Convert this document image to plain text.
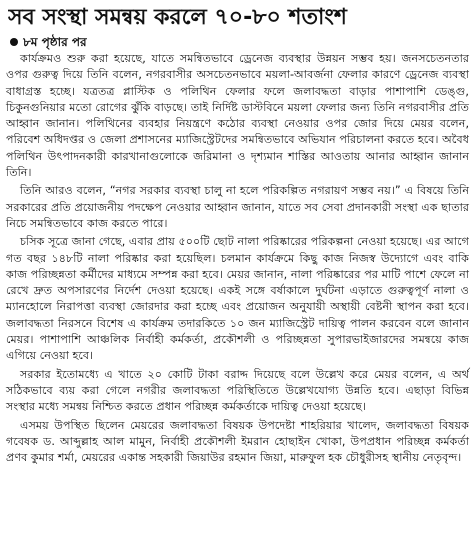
সব সংস্থা সমন্বয় করলে ৭০-৮০ শতাংশ
৮ম পৃষ্ঠার পর

কার্যক্রমও শুরু করা হয়েছে, যাতে সমন্বিতভাবে ড্রেনেজ ব্যবস্থার উন্নয়ন সম্ভব হয়। জনসচেতনতার ওপর গুরুত্ব দিয়ে তিনি বলেন, নগরবাসীর অসচেতনভাবে ময়লা-আবর্জনা ফেলার কারণে ড্রেনেজ ব্যবস্থা বাধাগ্রস্ত হচ্ছে। যত্রতত্র প্লাস্টিক ও পলিথিন ফেলার ফলে জলাবদ্ধতা বাড়ার পাশাপাশি ডেঙ্গু, চিকুনগুনিয়ার মতো রোগের ঝুঁকি বাড়ছে। তাই নির্দিষ্ট ডাস্টবিনে ময়লা ফেলার জন্য তিনি নগরবাসীর প্রতি আহ্বান জানান। পলিথিনের ব্যবহার নিয়ন্ত্রণে কঠোর ব্যবস্থা নেওয়ার ওপর জোর দিয়ে মেয়র বলেন, পরিবেশ অধিদপ্তর ও জেলা প্রশাসনের ম্যাজিস্ট্রেটদের সমন্বিতভাবে অভিযান পরিচালনা করতে হবে। অবৈধ পলিথিন উৎপাদনকারী কারখানাগুলোকে জরিমানা ও দৃশ্যমান শাস্তির আওতায় আনার আহ্বান জানান তিনি।

তিনি আরও বলেন, “নগর সরকার ব্যবস্থা চালু না হলে পরিকল্পিত নগরায়ণ সম্ভব নয়।” এ বিষয়ে তিনি সরকারের প্রতি প্রয়োজনীয় পদক্ষেপ নেওয়ার আহ্বান জানান, যাতে সব সেবা প্রদানকারী সংস্থা এক ছাতার নিচে সমন্বিতভাবে কাজ করতে পারে।

চসিক সূত্রে জানা গেছে, এবার প্রায় ৫০০টি ছোট নালা পরিষ্কারের পরিকল্পনা নেওয়া হয়েছে। এর আগে গত বছর ১৪৮টি নালা পরিষ্কার করা হয়েছিল। চলমান কার্যক্রমে কিছু কাজ নিজস্ব উদ্যোগে এবং বাকি কাজ পরিচ্ছন্নতা কর্মীদের মাধ্যমে সম্পন্ন করা হবে। মেয়র জানান, নালা পরিষ্কারের পর মাটি পাশে ফেলে না রেখে দ্রুত অপসারণের নির্দেশ দেওয়া হয়েছে। একই সঙ্গে বর্ষাকালে দুর্ঘটনা এড়াতে গুরুত্বপূর্ণ নালা ও ম্যানহোলে নিরাপত্তা ব্যবস্থা জোরদার করা হচ্ছে এবং প্রয়োজন অনুযায়ী অস্থায়ী বেষ্টনী স্থাপন করা হবে। জলাবদ্ধতা নিরসনে বিশেষ এ কার্যক্রম তদারকিতে ১০ জন ম্যাজিস্ট্রেট দায়িত্ব পালন করবেন বলে জানান মেয়র। পাশাপাশি আঞ্চলিক নির্বাহী কর্মকর্তা, প্রকৌশলী ও পরিচ্ছন্নতা সুপারভাইজারদের সমন্বয়ে কাজ এগিয়ে নেওয়া হবে।

সরকার ইতোমধ্যে এ খাতে ২০ কোটি টাকা বরাদ্দ দিয়েছে বলে উল্লেখ করে মেয়র বলেন, এ অর্থ সঠিকভাবে ব্যয় করা গেলে নগরীর জলাবদ্ধতা পরিস্থিতিতে উল্লেখযোগ্য উন্নতি হবে। এছাড়া বিভিন্ন সংস্থার মধ্যে সমন্বয় নিশ্চিত করতে প্রধান পরিচ্ছন্ন কর্মকর্তাকে দায়িত্ব দেওয়া হয়েছে।

এসময় উপস্থিত ছিলেন মেয়রের জলাবদ্ধতা বিষয়ক উপদেষ্টা শাহরিয়ার খালেদ, জলাবদ্ধতা বিষয়ক গবেষক ড. আব্দুল্লাহ আল মামুন, নির্বাহী প্রকৌশলী ইমরান হোছাইন খোকা, উপপ্রধান পরিচ্ছন্ন কর্মকর্তা প্রণব কুমার শর্মা, মেয়রের একান্ত সহকারী জিয়াউর রহমান জিয়া, মারুফুল হক চৌধুরীসহ স্থানীয় নেতৃবৃন্দ।
